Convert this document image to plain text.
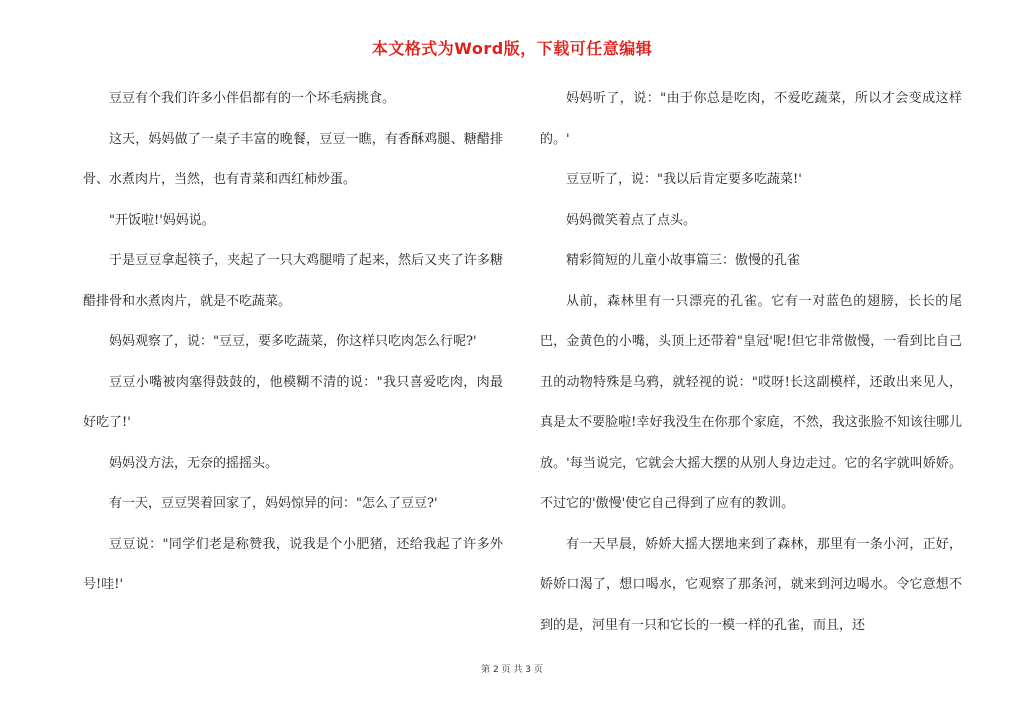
本文格式为Word版，下载可任意编辑

豆豆有个我们许多小伴侣都有的一个坏毛病挑食。

这天，妈妈做了一桌子丰富的晚餐，豆豆一瞧，有香酥鸡腿、糖醋排骨、水煮肉片，当然，也有青菜和西红柿炒蛋。

"开饭啦!'妈妈说。

于是豆豆拿起筷子，夹起了一只大鸡腿啃了起来，然后又夹了许多糖醋排骨和水煮肉片，就是不吃蔬菜。

妈妈观察了，说："豆豆，要多吃蔬菜，你这样只吃肉怎么行呢?'

豆豆小嘴被肉塞得鼓鼓的，他模糊不清的说："我只喜爱吃肉，肉最好吃了!'

妈妈没方法，无奈的摇摇头。

有一天，豆豆哭着回家了，妈妈惊异的问："怎么了豆豆?'

豆豆说："同学们老是称赞我，说我是个小肥猪，还给我起了许多外号!哇!'

妈妈听了，说："由于你总是吃肉，不爱吃蔬菜，所以才会变成这样的。'

豆豆听了，说："我以后肯定要多吃蔬菜!'

妈妈微笑着点了点头。

精彩简短的儿童小故事篇三：傲慢的孔雀

从前，森林里有一只漂亮的孔雀。它有一对蓝色的翅膀，长长的尾巴，金黄色的小嘴，头顶上还带着"皇冠'呢!但它非常傲慢，一看到比自己丑的动物特殊是乌鸦，就轻视的说："哎呀!长这副模样，还敢出来见人，真是太不要脸啦!幸好我没生在你那个家庭，不然，我这张脸不知该往哪儿放。'每当说完，它就会大摇大摆的从别人身边走过。它的名字就叫娇娇。不过它的'傲慢'使它自己得到了应有的教训。

有一天早晨，娇娇大摇大摆地来到了森林，那里有一条小河，正好，娇娇口渴了，想口喝水，它观察了那条河，就来到河边喝水。令它意想不到的是，河里有一只和它长的一模一样的孔雀，而且，还

第 2 页 共 3 页
